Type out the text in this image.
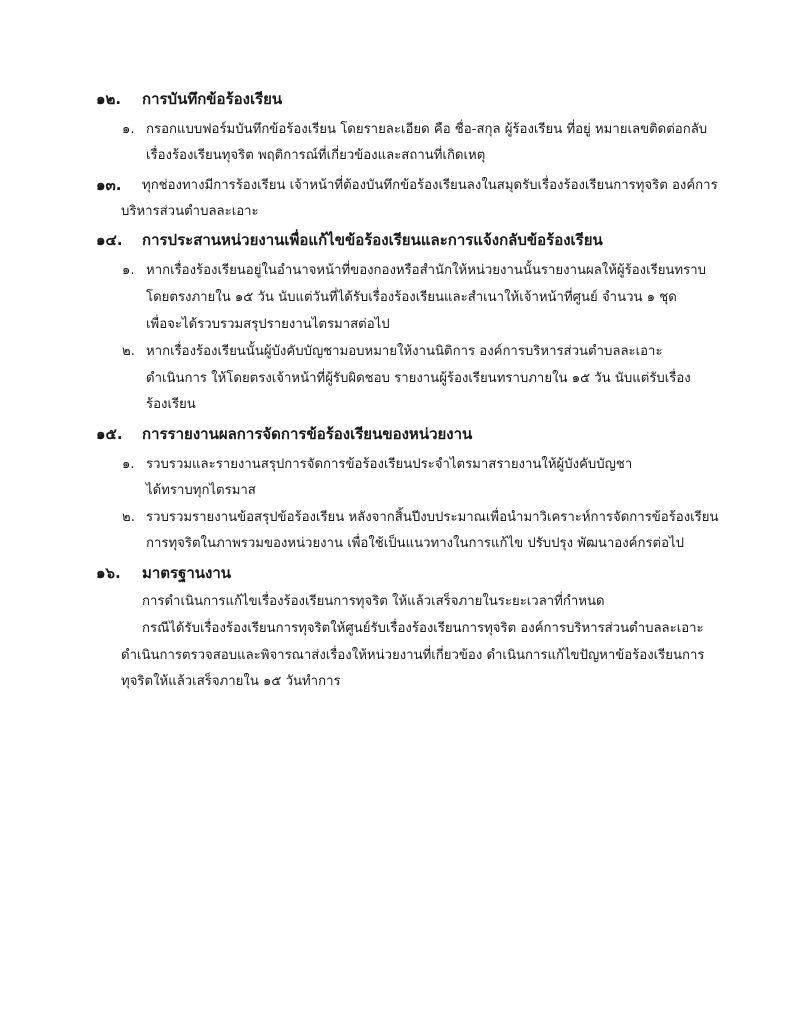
๑๒. การบันทึกข้อร้องเรียน
๑. กรอกแบบฟอร์มบันทึกข้อร้องเรียน โดยรายละเอียด คือ ชื่อ-สกุล ผู้ร้องเรียน ที่อยู่ หมายเลขติดต่อกลับ
เรื่องร้องเรียนทุจริต พฤติการณ์ที่เกี่ยวข้องและสถานที่เกิดเหตุ
๑๓. ทุกช่องทางมีการร้องเรียน เจ้าหน้าที่ต้องบันทึกข้อร้องเรียนลงในสมุดรับเรื่องร้องเรียนการทุจริต องค์การ
บริหารส่วนตำบลละเอาะ
๑๔. การประสานหน่วยงานเพื่อแก้ไขข้อร้องเรียนและการแจ้งกลับข้อร้องเรียน
๑. หากเรื่องร้องเรียนอยู่ในอำนาจหน้าที่ของกองหรือสำนักให้หน่วยงานนั้นรายงานผลให้ผู้ร้องเรียนทราบ
โดยตรงภายใน ๑๕ วัน นับแต่วันที่ได้รับเรื่องร้องเรียนและสำเนาให้เจ้าหน้าที่ศูนย์ จำนวน ๑ ชุด
เพื่อจะได้รวบรวมสรุปรายงานไตรมาสต่อไป
๒. หากเรื่องร้องเรียนนั้นผู้บังคับบัญชามอบหมายให้งานนิติการ องค์การบริหารส่วนตำบลละเอาะ
ดำเนินการ ให้โดยตรงเจ้าหน้าที่ผู้รับผิดชอบ รายงานผู้ร้องเรียนทราบภายใน ๑๕ วัน นับแต่รับเรื่อง
ร้องเรียน
๑๕. การรายงานผลการจัดการข้อร้องเรียนของหน่วยงาน
๑. รวบรวมและรายงานสรุปการจัดการข้อร้องเรียนประจำไตรมาสรายงานให้ผู้บังคับบัญชา
ได้ทราบทุกไตรมาส
๒. รวบรวมรายงานข้อสรุปข้อร้องเรียน หลังจากสิ้นปีงบประมาณเพื่อนำมาวิเคราะห์การจัดการข้อร้องเรียน
การทุจริตในภาพรวมของหน่วยงาน เพื่อใช้เป็นแนวทางในการแก้ไข ปรับปรุง พัฒนาองค์กรต่อไป
๑๖. มาตรฐานงาน
การดำเนินการแก้ไขเรื่องร้องเรียนการทุจริต ให้แล้วเสร็จภายในระยะเวลาที่กำหนด
กรณีได้รับเรื่องร้องเรียนการทุจริตให้ศูนย์รับเรื่องร้องเรียนการทุจริต องค์การบริหารส่วนตำบลละเอาะ
ดำเนินการตรวจสอบและพิจารณาส่งเรื่องให้หน่วยงานที่เกี่ยวข้อง ดำเนินการแก้ไขปัญหาข้อร้องเรียนการ
ทุจริตให้แล้วเสร็จภายใน ๑๕ วันทำการ
